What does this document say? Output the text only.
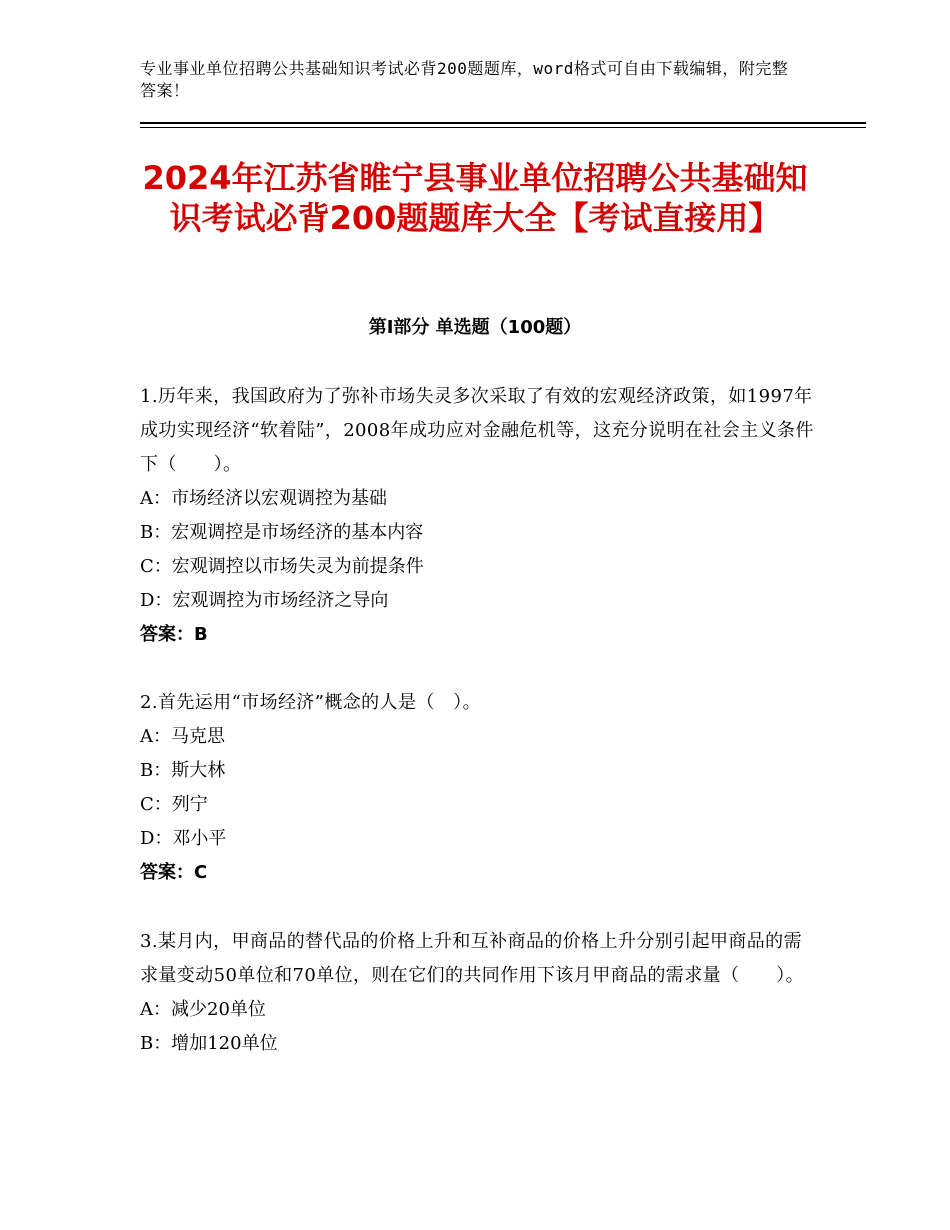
专业事业单位招聘公共基础知识考试必背200题题库，word格式可自由下载编辑，附完整答案！
2024年江苏省睢宁县事业单位招聘公共基础知识考试必背200题题库大全【考试直接用】
第Ⅰ部分 单选题（100题）
1.历年来，我国政府为了弥补市场失灵多次采取了有效的宏观经济政策，如1997年成功实现经济“软着陆”，2008年成功应对金融危机等，这充分说明在社会主义条件下（　　）。
A：市场经济以宏观调控为基础
B：宏观调控是市场经济的基本内容
C：宏观调控以市场失灵为前提条件
D：宏观调控为市场经济之导向
答案：B
2.首先运用“市场经济”概念的人是（　）。
A：马克思
B：斯大林
C：列宁
D：邓小平
答案：C
3.某月内，甲商品的替代品的价格上升和互补商品的价格上升分别引起甲商品的需求量变动50单位和70单位，则在它们的共同作用下该月甲商品的需求量（　　）。
A：减少20单位
B：增加120单位
